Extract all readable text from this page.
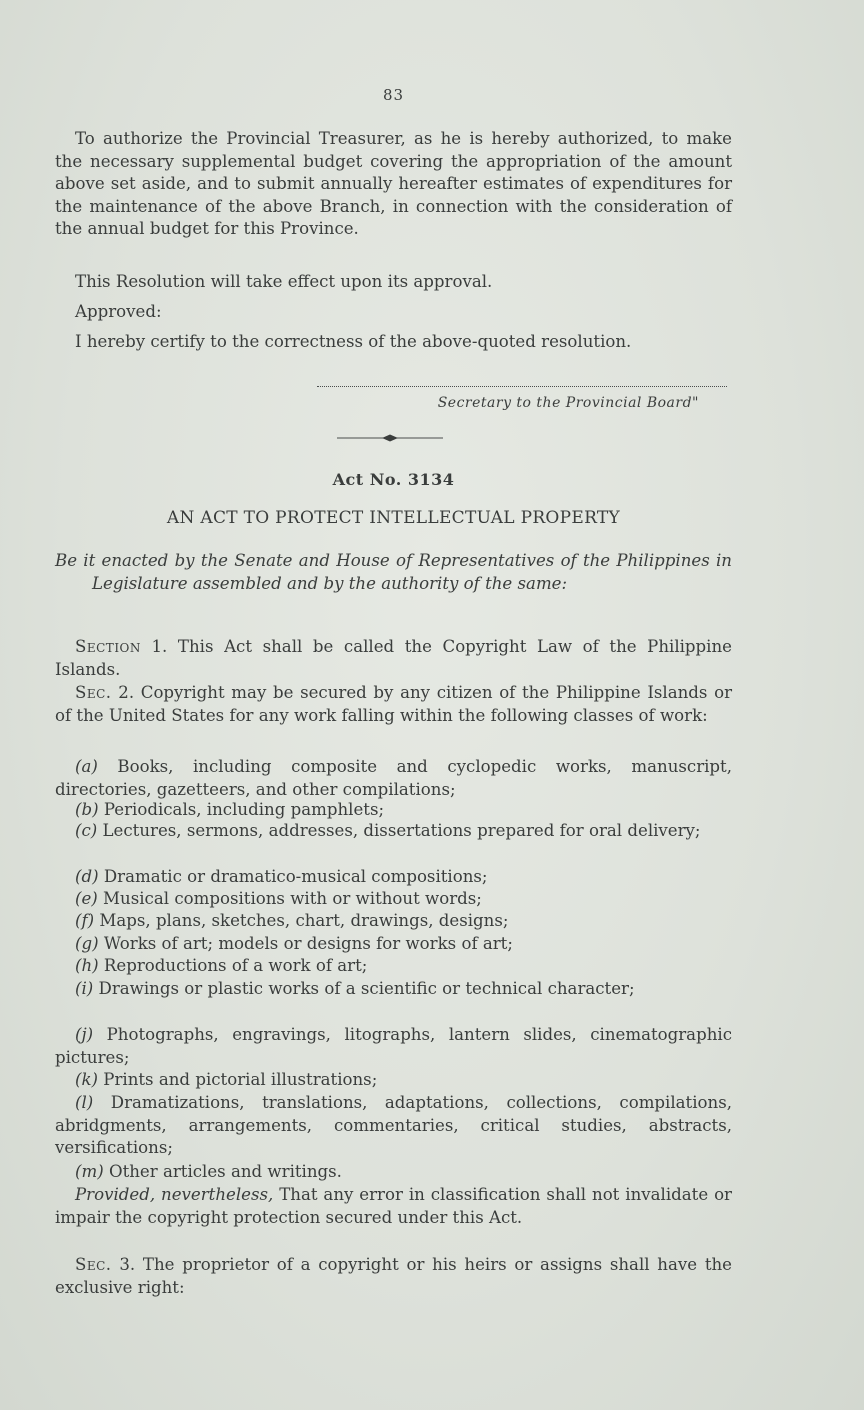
83
To authorize the Provincial Treasurer, as he is hereby authorized, to make the necessary supplemental budget covering the appropriation of the amount above set aside, and to submit annually hereafter estimates of expenditures for the maintenance of the above Branch, in connection with the consideration of the annual budget for this Province.
This Resolution will take effect upon its approval.
Approved:
I hereby certify to the correctness of the above-quoted resolution.
Secretary to the Provincial Board"
Act No. 3134
AN ACT TO PROTECT INTELLECTUAL PROPERTY
Be it enacted by the Senate and House of Representatives of the Philippines in Legislature assembled and by the authority of the same:
Section 1. This Act shall be called the Copyright Law of the Philippine Islands.
Sec. 2. Copyright may be secured by any citizen of the Philippine Islands or of the United States for any work falling within the following classes of work:
(a) Books, including composite and cyclopedic works, manuscript, directories, gazetteers, and other compilations;
(b) Periodicals, including pamphlets;
(c) Lectures, sermons, addresses, dissertations prepared for oral delivery;
(d) Dramatic or dramatico-musical compositions;
(e) Musical compositions with or without words;
(f) Maps, plans, sketches, chart, drawings, designs;
(g) Works of art; models or designs for works of art;
(h) Reproductions of a work of art;
(i) Drawings or plastic works of a scientific or technical character;
(j) Photographs, engravings, litographs, lantern slides, cinematographic pictures;
(k) Prints and pictorial illustrations;
(l) Dramatizations, translations, adaptations, collections, compilations, abridgments, arrangements, commentaries, critical studies, abstracts, versifications;
(m) Other articles and writings.
Provided, nevertheless, That any error in classification shall not invalidate or impair the copyright protection secured under this Act.
Sec. 3. The proprietor of a copyright or his heirs or assigns shall have the exclusive right:
